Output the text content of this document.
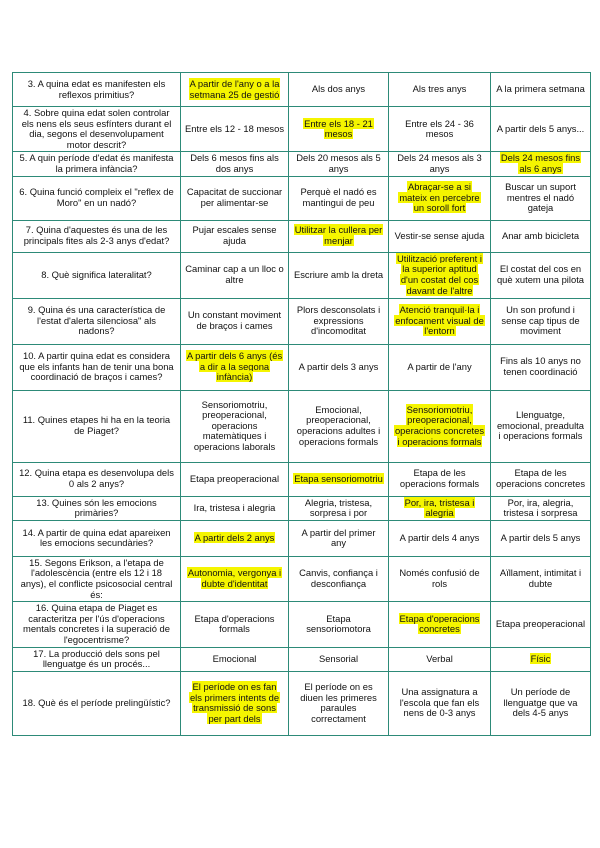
3. A quina edat es manifesten els reflexos primitius?	A partir de l'any o a la setmana 25 de gestió	Als dos anys	Als tres anys	A la primera setmana
4. Sobre quina edat solen controlar els nens els seus esfínters durant el dia, segons el desenvolupament motor descrit?	Entre els 12 - 18 mesos	Entre els 18 - 21 mesos	Entre els 24 - 36 mesos	A partir dels 5 anys...
5. A quin període d'edat és manifesta la primera infància?	Dels 6 mesos fins als dos anys	Dels 20 mesos als 5 anys	Dels 24 mesos als 3 anys	Dels 24 mesos fins als 6 anys
6. Quina funció compleix el "reflex de Moro" en un nadó?	Capacitat de succionar per alimentar-se	Perquè el nadó es mantingui de peu	Abraçar-se a si mateix en percebre un soroll fort	Buscar un suport mentres el nadó gateja
7. Quina d'aquestes és una de les principals fites als 2-3 anys d'edat?	Pujar escales sense ajuda	Utilitzar la cullera per menjar	Vestir-se sense ajuda	Anar amb bicicleta
8. Què significa lateralitat?	Caminar cap a un lloc o altre	Escriure amb la dreta	Utilització preferent i la superior aptitud d'un costat del cos davant de l'altre	El costat del cos en què xutem una pilota
9. Quina és una característica de l'estat d'alerta silenciosa" als nadons?	Un constant moviment de braços i cames	Plors desconsolats i expressions d'incomoditat	Atenció tranquil·la i enfocament visual de l'entorn	Un son profund i sense cap tipus de moviment
10. A partir quina edat es considera que els infants han de tenir una bona coordinació de braços i cames?	A partir dels 6 anys (és a dir a la segona infància)	A partir dels 3 anys	A partir de l'any	Fins als 10 anys no tenen coordinació
11. Quines etapes hi ha en la teoria de Piaget?	Sensoriomotriu, preoperacional, operacions matemàtiques i operacions laborals	Emocional, preoperacional, operacions adultes i operacions formals	Sensoriomotriu, preoperacional, operacions concretes i operacions formals	Llenguatge, emocional, preadulta i operacions formals
12. Quina etapa es desenvolupa dels 0 als 2 anys?	Etapa preoperacional	Etapa sensoriomotriu	Etapa de les operacions formals	Etapa de les operacions concretes
13. Quines són les emocions primàries?	Ira, tristesa i alegria	Alegria, tristesa, sorpresa i por	Por, ira, tristesa i alegria	Por, ira, alegria, tristesa i sorpresa
14. A partir de quina edat apareixen les emocions secundàries?	A partir dels 2 anys	A partir del primer any	A partir dels 4 anys	A partir dels 5 anys
15. Segons Erikson, a l'etapa de l'adolescència (entre els 12 i 18 anys), el conflicte psicosocial central és:	Autonomia, vergonya i dubte d'identitat	Canvis, confiança i desconfiança	Només confusió de rols	Aïllament, intimitat i dubte
16. Quina etapa de Piaget es caracteritza per l'ús d'operacions mentals concretes i la superació de l'egocentrisme?	Etapa d'operacions formals	Etapa sensoriomotora	Etapa d'operacions concretes	Etapa preoperacional
17. La producció dels sons pel llenguatge és un procés...	Emocional	Sensorial	Verbal	Físic
18. Què és el període prelingüístic?	El període on es fan els primers intents de transmissió de sons per part dels	El període on es diuen les primeres paraules correctament	Una assignatura a l'escola que fan els nens de 0-3 anys	Un període de llenguatge que va dels 4-5 anys
